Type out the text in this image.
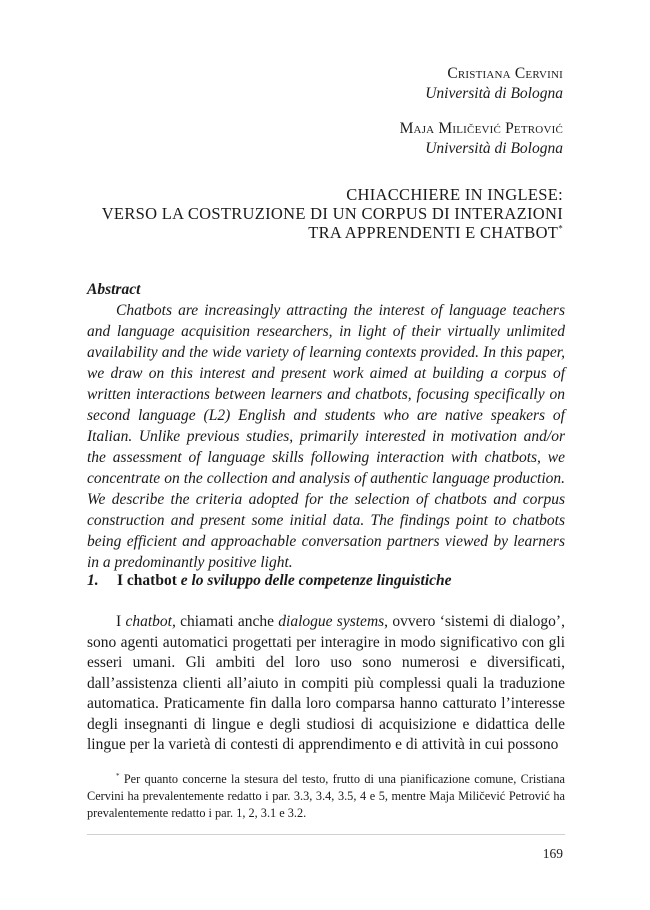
Cristiana Cervini
Università di Bologna
Maja Miličević Petrović
Università di Bologna
CHIACCHIERE IN INGLESE:
VERSO LA COSTRUZIONE DI UN CORPUS DI INTERAZIONI
TRA APPRENDENTI E CHATBOT*
Abstract
Chatbots are increasingly attracting the interest of language teachers and language acquisition researchers, in light of their virtually unlimited availability and the wide variety of learning contexts provided. In this paper, we draw on this interest and present work aimed at building a corpus of written interactions between learners and chatbots, focusing specifically on second language (L2) English and students who are native speakers of Italian. Unlike previous studies, primarily interested in motivation and/or the assessment of language skills following interaction with chatbots, we concentrate on the collection and analysis of authentic language production. We describe the criteria adopted for the selection of chatbots and corpus construction and present some initial data. The findings point to chatbots being efficient and approachable conversation partners viewed by learners in a predominantly positive light.
1. I chatbot e lo sviluppo delle competenze linguistiche
I chatbot, chiamati anche dialogue systems, ovvero ‘sistemi di dialogo’, sono agenti automatici progettati per interagire in modo significativo con gli esseri umani. Gli ambiti del loro uso sono numerosi e diversificati, dall’assistenza clienti all’aiuto in compiti più complessi quali la traduzione automatica. Praticamente fin dalla loro comparsa hanno catturato l’interesse degli insegnanti di lingue e degli studiosi di acquisizione e didattica delle lingue per la varietà di contesti di apprendimento e di attività in cui possono
* Per quanto concerne la stesura del testo, frutto di una pianificazione comune, Cristiana Cervini ha prevalentemente redatto i par. 3.3, 3.4, 3.5, 4 e 5, mentre Maja Miličević Petrović ha prevalentemente redatto i par. 1, 2, 3.1 e 3.2.
169
